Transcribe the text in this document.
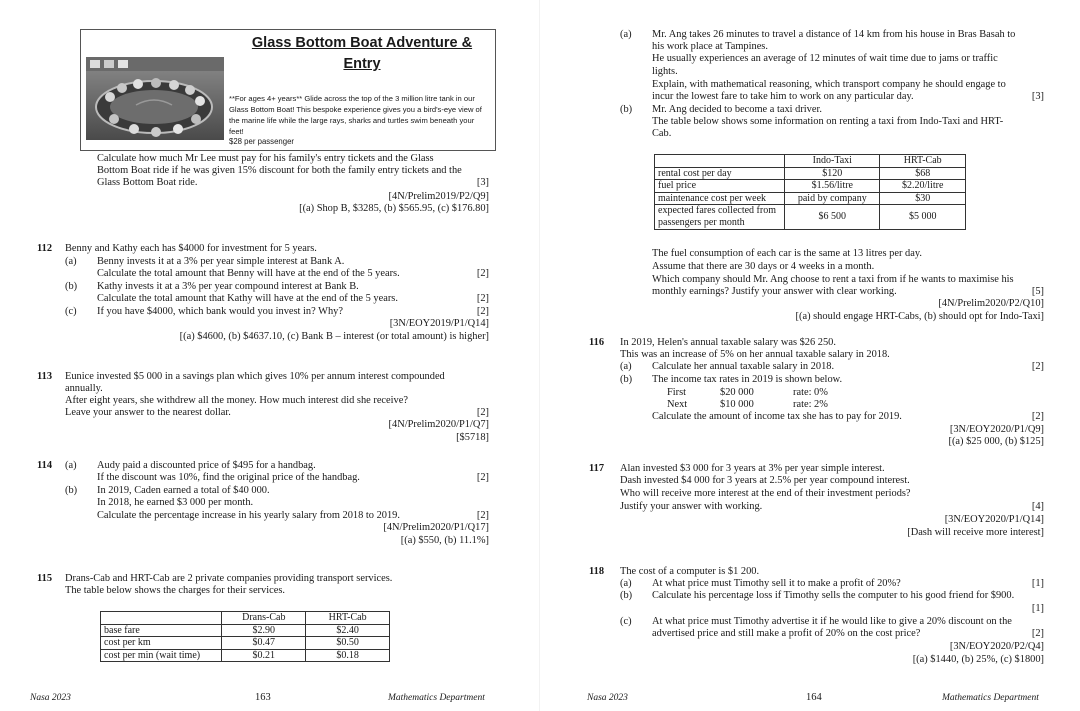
Glass Bottom Boat Adventure &
Entry
**For ages 4+ years** Glide across the top of the 3 million litre tank in our Glass Bottom Boat! This bespoke experience gives you a bird's-eye view of the marine life while the large rays, sharks and turtles swim beneath your feet!
$28 per passenger
Calculate how much Mr Lee must pay for his family's entry tickets and the Glass
Bottom Boat ride if he was given 15% discount for both the family entry tickets and the
Glass Bottom Boat ride.	[3]
[4N/Prelim2019/P2/Q9]
[(a) Shop B, $3285, (b) $565.95, (c) $176.80]
112 Benny and Kathy each has $4000 for investment for 5 years.
(a) Benny invests it at a 3% per year simple interest at Bank A.
Calculate the total amount that Benny will have at the end of the 5 years.	[2]
(b) Kathy invests it at a 3% per year compound interest at Bank B.
Calculate the total amount that Kathy will have at the end of the 5 years.	[2]
(c) If you have $4000, which bank would you invest in? Why?	[2]
[3N/EOY2019/P1/Q14]
[(a) $4600, (b) $4637.10, (c) Bank B – interest (or total amount) is higher]
113 Eunice invested $5 000 in a savings plan which gives 10% per annum interest compounded
annually.
After eight years, she withdrew all the money. How much interest did she receive?
Leave your answer to the nearest dollar.	[2]
[4N/Prelim2020/P1/Q7]
[$5718]
114 (a) Audy paid a discounted price of $495 for a handbag.
If the discount was 10%, find the original price of the handbag.	[2]
(b) In 2019, Caden earned a total of $40 000.
In 2018, he earned $3 000 per month.
Calculate the percentage increase in his yearly salary from 2018 to 2019.	[2]
[4N/Prelim2020/P1/Q17]
[(a) $550, (b) 11.1%]
115 Drans-Cab and HRT-Cab are 2 private companies providing transport services.
The table below shows the charges for their services.
	Drans-Cab	HRT-Cab
base fare	$2.90	$2.40
cost per km	$0.47	$0.50
cost per min (wait time)	$0.21	$0.18
Nasa 2023	163	Mathematics Department
(a) Mr. Ang takes 26 minutes to travel a distance of 14 km from his house in Bras Basah to
his work place at Tampines.
He usually experiences an average of 12 minutes of wait time due to jams or traffic
lights.
Explain, with mathematical reasoning, which transport company he should engage to
incur the lowest fare to take him to work on any particular day.	[3]
(b) Mr. Ang decided to become a taxi driver.
The table below shows some information on renting a taxi from Indo-Taxi and HRT-
Cab.
	Indo-Taxi	HRT-Cab
rental cost per day	$120	$68
fuel price	$1.56/litre	$2.20/litre
maintenance cost per week	paid by company	$30
expected fares collected from passengers per month	$6 500	$5 000
The fuel consumption of each car is the same at 13 litres per day.
Assume that there are 30 days or 4 weeks in a month.
Which company should Mr. Ang choose to rent a taxi from if he wants to maximise his
monthly earnings? Justify your answer with clear working.	[5]
[4N/Prelim2020/P2/Q10]
[(a) should engage HRT-Cabs, (b) should opt for Indo-Taxi]
116 In 2019, Helen's annual taxable salary was $26 250.
This was an increase of 5% on her annual taxable salary in 2018.
(a) Calculate her annual taxable salary in 2018.	[2]
(b) The income tax rates in 2019 is shown below.
First	$20 000	rate: 0%
Next	$10 000	rate: 2%
Calculate the amount of income tax she has to pay for 2019.	[2]
[3N/EOY2020/P1/Q9]
[(a) $25 000, (b) $125]
117 Alan invested $3 000 for 3 years at 3% per year simple interest.
Dash invested $4 000 for 3 years at 2.5% per year compound interest.
Who will receive more interest at the end of their investment periods?
Justify your answer with working.	[4]
[3N/EOY2020/P1/Q14]
[Dash will receive more interest]
118 The cost of a computer is $1 200.
(a) At what price must Timothy sell it to make a profit of 20%?	[1]
(b) Calculate his percentage loss if Timothy sells the computer to his good friend for $900.
[1]
(c) At what price must Timothy advertise it if he would like to give a 20% discount on the
advertised price and still make a profit of 20% on the cost price?	[2]
[3N/EOY2020/P2/Q4]
[(a) $1440, (b) 25%, (c) $1800]
Nasa 2023	164	Mathematics Department
